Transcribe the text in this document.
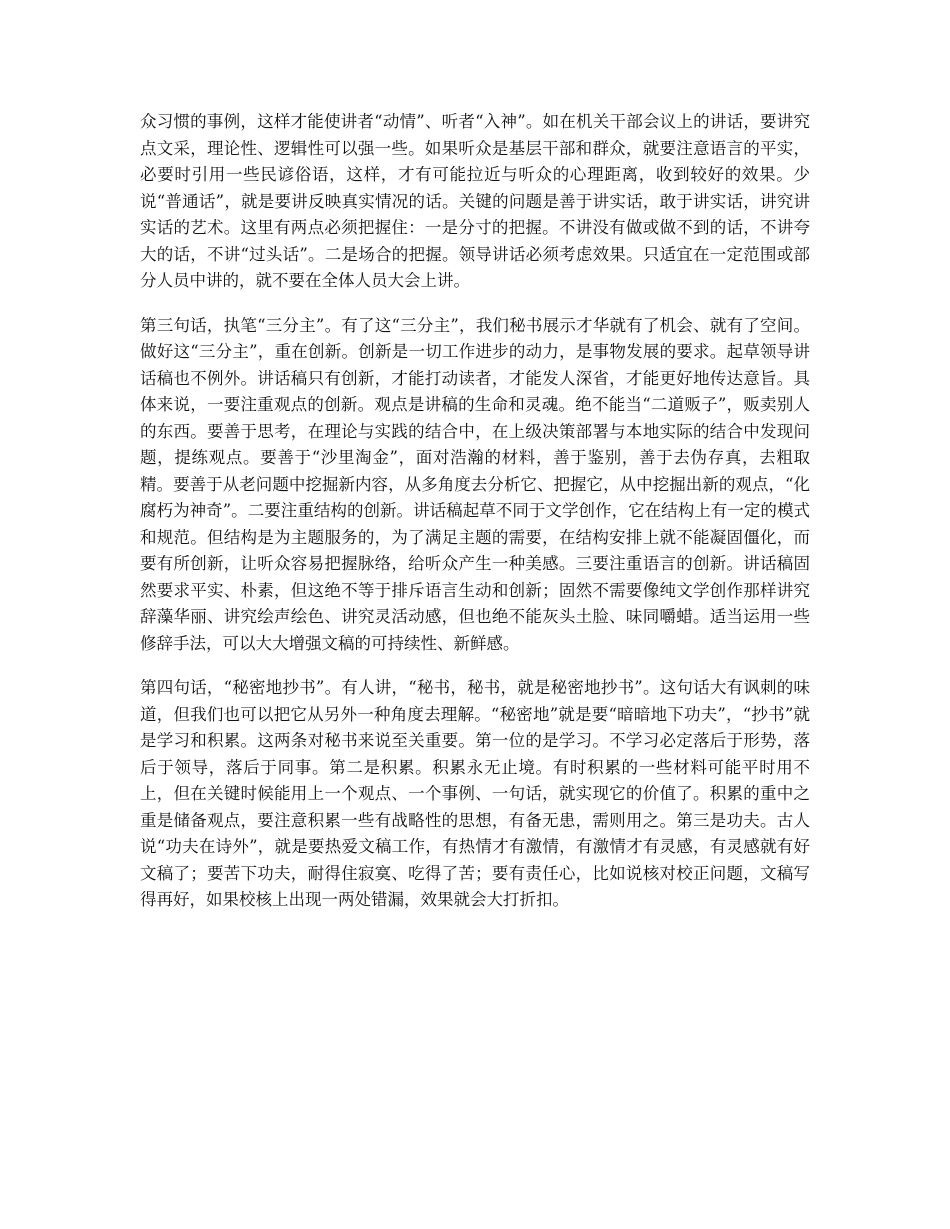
众习惯的事例，这样才能使讲者“动情”、听者“入神”。如在机关干部会议上的讲话，要讲究点文采，理论性、逻辑性可以强一些。如果听众是基层干部和群众，就要注意语言的平实，必要时引用一些民谚俗语，这样，才有可能拉近与听众的心理距离，收到较好的效果。少说“普通话”，就是要讲反映真实情况的话。关键的问题是善于讲实话，敢于讲实话，讲究讲实话的艺术。这里有两点必须把握住：一是分寸的把握。不讲没有做或做不到的话，不讲夸大的话，不讲“过头话”。二是场合的把握。领导讲话必须考虑效果。只适宜在一定范围或部分人员中讲的，就不要在全体人员大会上讲。

第三句话，执笔“三分主”。有了这“三分主”，我们秘书展示才华就有了机会、就有了空间。做好这“三分主”，重在创新。创新是一切工作进步的动力，是事物发展的要求。起草领导讲话稿也不例外。讲话稿只有创新，才能打动读者，才能发人深省，才能更好地传达意旨。具体来说，一要注重观点的创新。观点是讲稿的生命和灵魂。绝不能当“二道贩子”，贩卖别人的东西。要善于思考，在理论与实践的结合中，在上级决策部署与本地实际的结合中发现问题，提练观点。要善于“沙里淘金”，面对浩瀚的材料，善于鉴别，善于去伪存真，去粗取精。要善于从老问题中挖掘新内容，从多角度去分析它、把握它，从中挖掘出新的观点，“化腐朽为神奇”。二要注重结构的创新。讲话稿起草不同于文学创作，它在结构上有一定的模式和规范。但结构是为主题服务的，为了满足主题的需要，在结构安排上就不能凝固僵化，而要有所创新，让听众容易把握脉络，给听众产生一种美感。三要注重语言的创新。讲话稿固然要求平实、朴素，但这绝不等于排斥语言生动和创新；固然不需要像纯文学创作那样讲究辞藻华丽、讲究绘声绘色、讲究灵活动感，但也绝不能灰头土脸、味同嚼蜡。适当运用一些修辞手法，可以大大增强文稿的可持续性、新鲜感。

第四句话，“秘密地抄书”。有人讲，“秘书，秘书，就是秘密地抄书”。这句话大有讽刺的味道，但我们也可以把它从另外一种角度去理解。“秘密地”就是要“暗暗地下功夫”，“抄书”就是学习和积累。这两条对秘书来说至关重要。第一位的是学习。不学习必定落后于形势，落后于领导，落后于同事。第二是积累。积累永无止境。有时积累的一些材料可能平时用不上，但在关键时候能用上一个观点、一个事例、一句话，就实现它的价值了。积累的重中之重是储备观点，要注意积累一些有战略性的思想，有备无患，需则用之。第三是功夫。古人说“功夫在诗外”，就是要热爱文稿工作，有热情才有激情，有激情才有灵感，有灵感就有好文稿了；要苦下功夫，耐得住寂寞、吃得了苦；要有责任心，比如说核对校正问题，文稿写得再好，如果校核上出现一两处错漏，效果就会大打折扣。
